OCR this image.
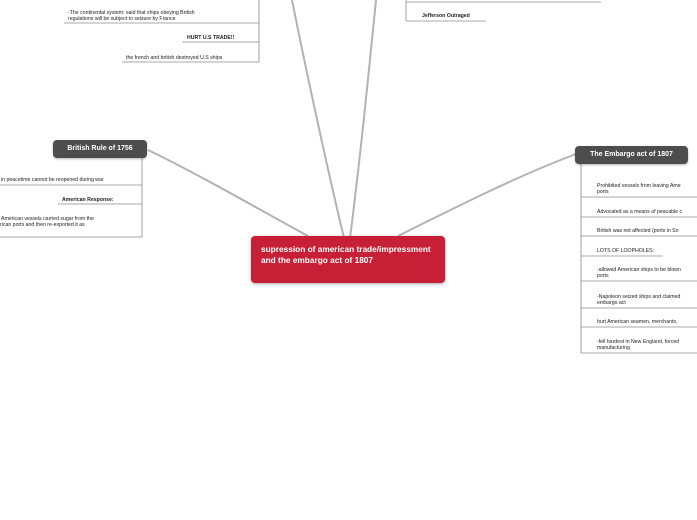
supression of american trade/impressment and the embargo act of 1807
British Rule of 1756
The Embargo act of 1807
-The continental system: said that ships obeying British
regulations will be subject to seizure by France
HURT U.S TRADE!!
the french and british destroyed U.S ships
Jefferson Outraged
in peacetime cannot be reopened during war
American Response:
American vessels carried sugar from the
rican ports and then re-exported it as
Prohibited vessels from leaving Ame
ports
Advocated as a means of peacable c
British was not affected (ports in So
LOTS OF LOOPHOLES:
-allowed American ships to be blown
ports
-Napoleon seized ships and claimed
embargo act
hurt American seamen, merchants,
-fell hardest in New England, forced
manufacturing
